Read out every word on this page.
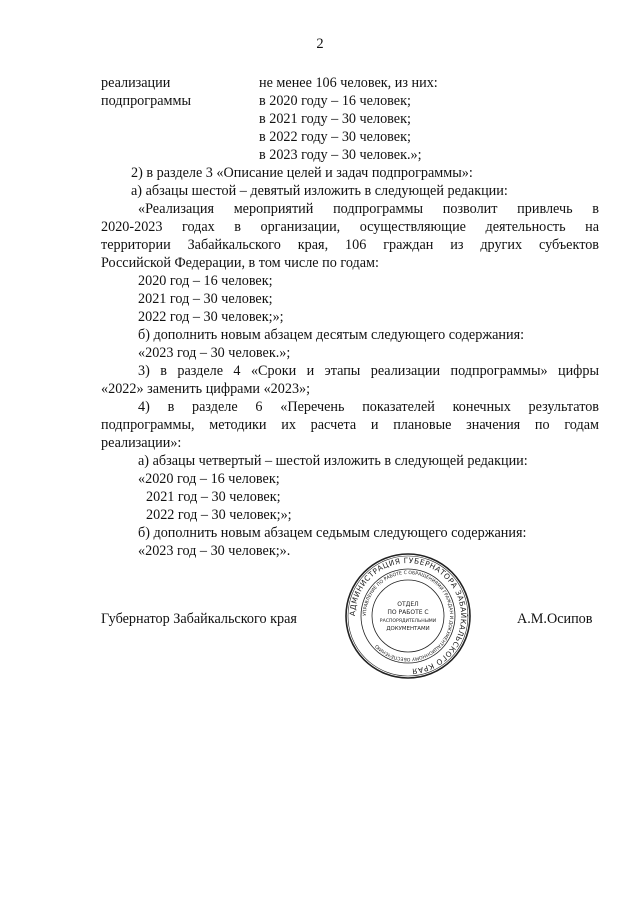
2
реализации
подпрограммы
не менее 106 человек, из них:
в 2020 году – 16 человек;
в 2021 году – 30 человек;
в 2022 году – 30 человек;
в 2023 году – 30 человек.»;
2) в разделе 3 «Описание целей и задач подпрограммы»:
а) абзацы шестой – девятый изложить в следующей редакции:
«Реализация мероприятий подпрограммы позволит привлечь в
2020-2023 годах в организации, осуществляющие деятельность на
территории Забайкальского края, 106 граждан из других субъектов
Российской Федерации, в том числе по годам:
2020 год – 16 человек;
2021 год – 30 человек;
2022 год – 30 человек;»;
б) дополнить новым абзацем десятым следующего содержания:
«2023 год – 30 человек.»;
3) в разделе 4 «Сроки и этапы реализации подпрограммы» цифры
«2022» заменить цифрами «2023»;
4) в разделе 6 «Перечень показателей конечных результатов
подпрограммы, методики их расчета и плановые значения по годам
реализации»:
а) абзацы четвертый – шестой изложить в следующей редакции:
«2020 год – 16 человек;
2021 год – 30 человек;
2022 год – 30 человек;»;
б) дополнить новым абзацем седьмым следующего содержания:
«2023 год – 30 человек;».
Губернатор Забайкальского края	А.М.Осипов
АДМИНИСТРАЦИЯ ГУБЕРНАТОРА ЗАБАЙКАЛЬСКОГО КРАЯ
УПРАВЛЕНИЕ ПО РАБОТЕ С ОБРАЩЕНИЯМИ ГРАЖДАН И ДОКУМЕНТАЦИОННОМУ ОБЕСПЕЧЕНИЮ
ОТДЕЛ
ПО РАБОТЕ С
РАСПОРЯДИТЕЛЬНЫМИ
ДОКУМЕНТАМИ
